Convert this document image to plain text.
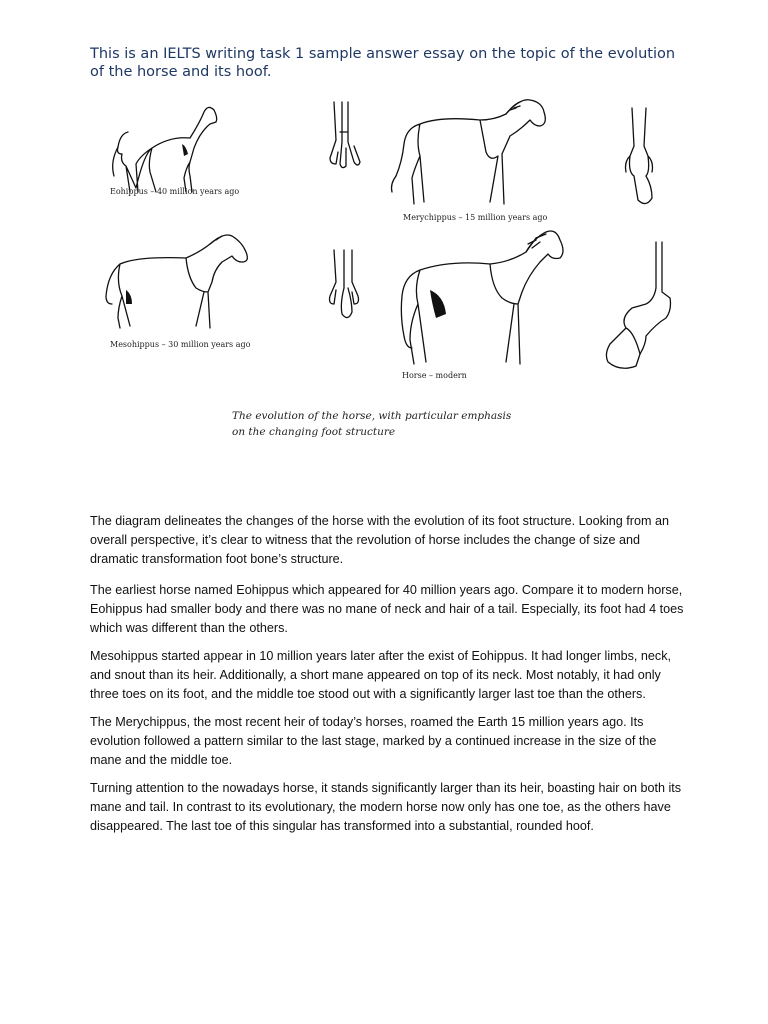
This is an IELTS writing task 1 sample answer essay on the topic of the evolution of the horse and its hoof.
Eohippus – 40 million years ago
Merychippus – 15 million years ago
Mesohippus – 30 million years ago
Horse – modern
The evolution of the horse, with particular emphasis
on the changing foot structure

The diagram delineates the changes of the horse with the evolution of its foot structure. Looking from an overall perspective, it’s clear to witness that the revolution of horse includes the change of size and dramatic transformation foot bone’s structure.

The earliest horse named Eohippus which appeared for 40 million years ago. Compare it to modern horse, Eohippus had smaller body and there was no mane of neck and hair of a tail. Especially, its foot had 4 toes which was different than the others.

Mesohippus started appear in 10 million years later after the exist of Eohippus. It had longer limbs, neck, and snout than its heir. Additionally, a short mane appeared on top of its neck. Most notably, it had only three toes on its foot, and the middle toe stood out with a significantly larger last toe than the others.

The Merychippus, the most recent heir of today’s horses, roamed the Earth 15 million years ago. Its evolution followed a pattern similar to the last stage, marked by a continued increase in the size of the mane and the middle toe.

Turning attention to the nowadays horse, it stands significantly larger than its heir, boasting hair on both its mane and tail. In contrast to its evolutionary, the modern horse now only has one toe, as the others have disappeared. The last toe of this singular has transformed into a substantial, rounded hoof.
